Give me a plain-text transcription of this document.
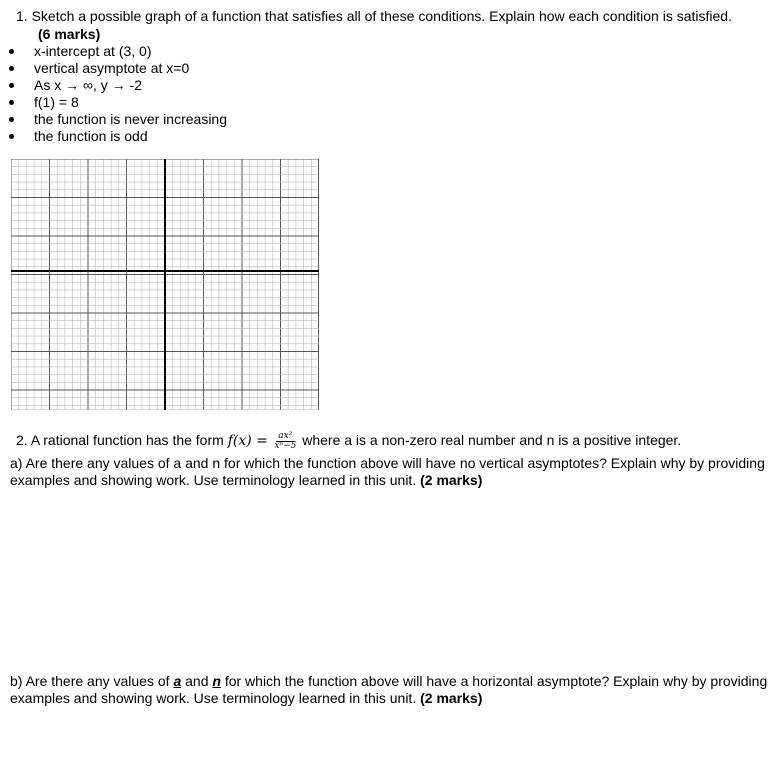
1. Sketch a possible graph of a function that satisfies all of these conditions. Explain how each condition is satisfied.
(6 marks)
x-intercept at (3, 0)
vertical asymptote at x=0
As x → ∞, y → -2
f(1) = 8
the function is never increasing
the function is odd
2. A rational function has the form $f(x) = \frac{\text{ax²}}{\text{xⁿ−5}}$ where a is a non-zero real number and n is a positive integer.
a) Are there any values of a and n for which the function above will have no vertical asymptotes? Explain why by providing examples and showing work. Use terminology learned in this unit. (2 marks)
b) Are there any values of a and n for which the function above will have a horizontal asymptote? Explain why by providing examples and showing work. Use terminology learned in this unit. (2 marks)
